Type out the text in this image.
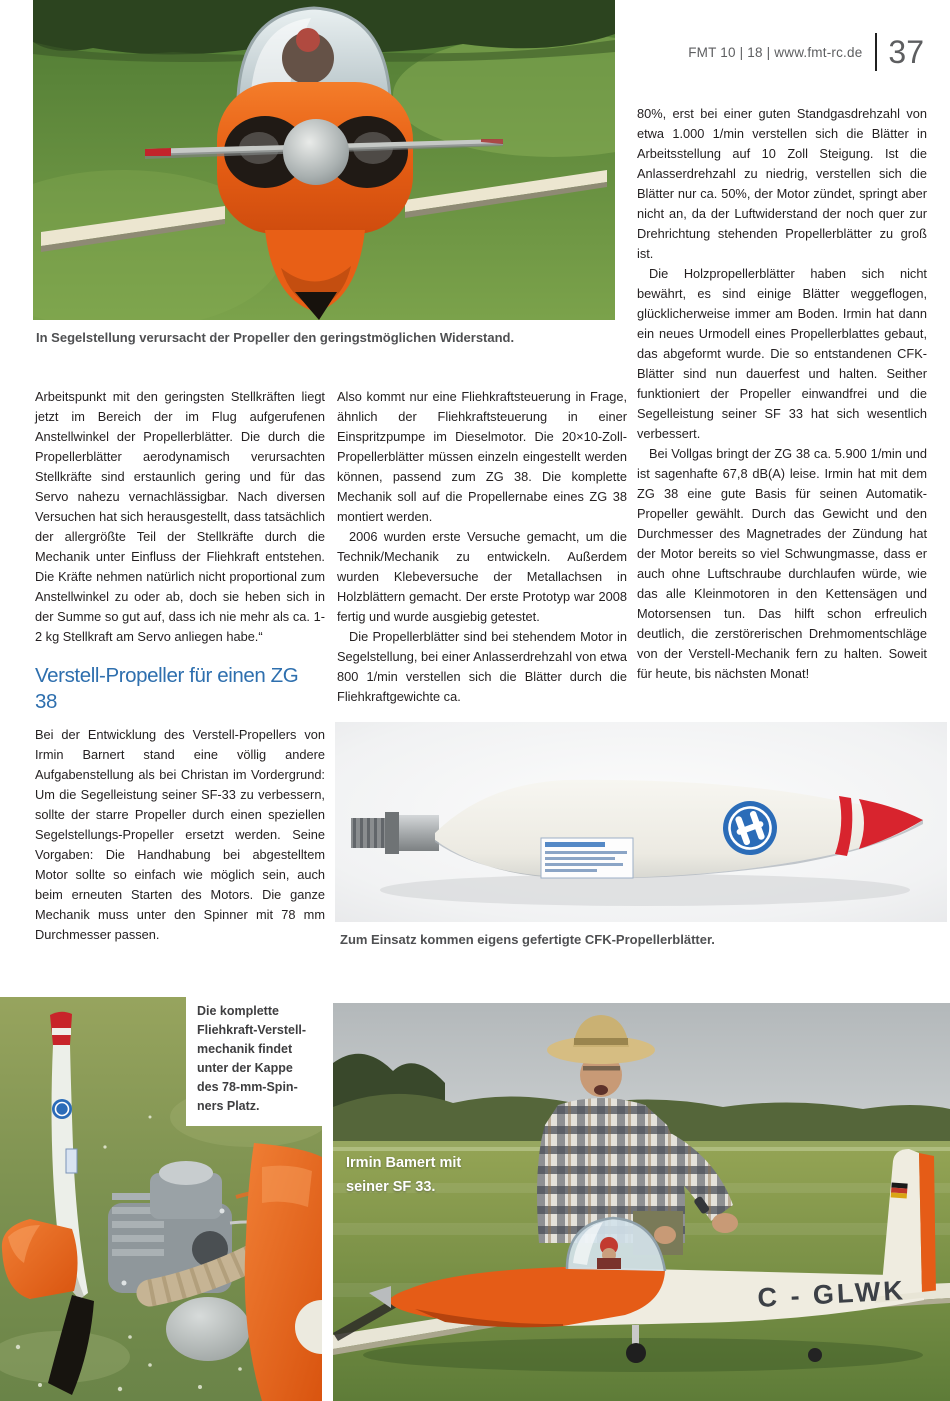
FMT 10 | 18 | www.fmt-rc.de 37
In Segelstellung verursacht der Propeller den geringstmöglichen Widerstand.

Arbeitspunkt mit den geringsten Stellkräften liegt jetzt im Bereich der im Flug aufgerufenen Anstellwinkel der Propellerblätter. Die durch die Propellerblätter aerodynamisch verursachten Stellkräfte sind erstaunlich gering und für das Servo nahezu vernachlässigbar. Nach diversen Versuchen hat sich herausgestellt, dass tatsächlich der allergrößte Teil der Stellkräfte durch die Mechanik unter Einfluss der Fliehkraft entstehen. Die Kräfte nehmen natürlich nicht proportional zum Anstellwinkel zu oder ab, doch sie heben sich in der Summe so gut auf, dass ich nie mehr als ca. 1-2 kg Stellkraft am Servo anliegen habe.“

Verstell-Propeller für einen ZG 38

Bei der Entwicklung des Verstell-Propellers von Irmin Barnert stand eine völlig andere Aufgabenstellung als bei Christan im Vordergrund: Um die Segelleistung seiner SF-33 zu verbessern, sollte der starre Propeller durch einen speziellen Segelstellungs-Propeller ersetzt werden. Seine Vorgaben: Die Handhabung bei abgestelltem Motor sollte so einfach wie möglich sein, auch beim erneuten Starten des Motors. Die ganze Mechanik muss unter den Spinner mit 78 mm Durchmesser passen.

Also kommt nur eine Fliehkraftsteuerung in Frage, ähnlich der Fliehkraftsteuerung in einer Einspritzpumpe im Dieselmotor. Die 20×10-Zoll-Propellerblätter müssen einzeln eingestellt werden können, passend zum ZG 38. Die komplette Mechanik soll auf die Propellernabe eines ZG 38 montiert werden.

2006 wurden erste Versuche gemacht, um die Technik/Mechanik zu entwickeln. Außerdem wurden Klebeversuche der Metallachsen in Holzblättern gemacht. Der erste Prototyp war 2008 fertig und wurde ausgiebig getestet.

Die Propellerblätter sind bei stehendem Motor in Segelstellung, bei einer Anlasserdrehzahl von etwa 800 1/min verstellen sich die Blätter durch die Fliehkraftgewichte ca.

80%, erst bei einer guten Standgasdrehzahl von etwa 1.000 1/min verstellen sich die Blätter in Arbeitsstellung auf 10 Zoll Steigung. Ist die Anlasserdrehzahl zu niedrig, verstellen sich die Blätter nur ca. 50%, der Motor zündet, springt aber nicht an, da der Luftwiderstand der noch quer zur Drehrichtung stehenden Propellerblätter zu groß ist.

Die Holzpropellerblätter haben sich nicht bewährt, es sind einige Blätter weggeflogen, glücklicherweise immer am Boden. Irmin hat dann ein neues Urmodell eines Propellerblattes gebaut, das abgeformt wurde. Die so entstandenen CFK-Blätter sind nun dauerfest und halten. Seither funktioniert der Propeller einwandfrei und die Segelleistung seiner SF 33 hat sich wesentlich verbessert.

Bei Vollgas bringt der ZG 38 ca. 5.900 1/min und ist sagenhafte 67,8 dB(A) leise. Irmin hat mit dem ZG 38 eine gute Basis für seinen Automatik-Propeller gewählt. Durch das Gewicht und den Durchmesser des Magnetrades der Zündung hat der Motor bereits so viel Schwungmasse, dass er auch ohne Luftschraube durchlaufen würde, wie das alle Kleinmotoren in den Kettensägen und Motorsensen tun. Das hilft schon erfreulich deutlich, die zerstörerischen Drehmomentschläge von der Verstell-Mechanik fern zu halten. Soweit für heute, bis nächsten Monat!

Zum Einsatz kommen eigens gefertigte CFK-Propellerblätter.
Die komplette Fliehkraft-Verstellmechanik findet unter der Kappe des 78-mm-Spinners Platz.
C - GLWK
Irmin Bamert mit seiner SF 33.
